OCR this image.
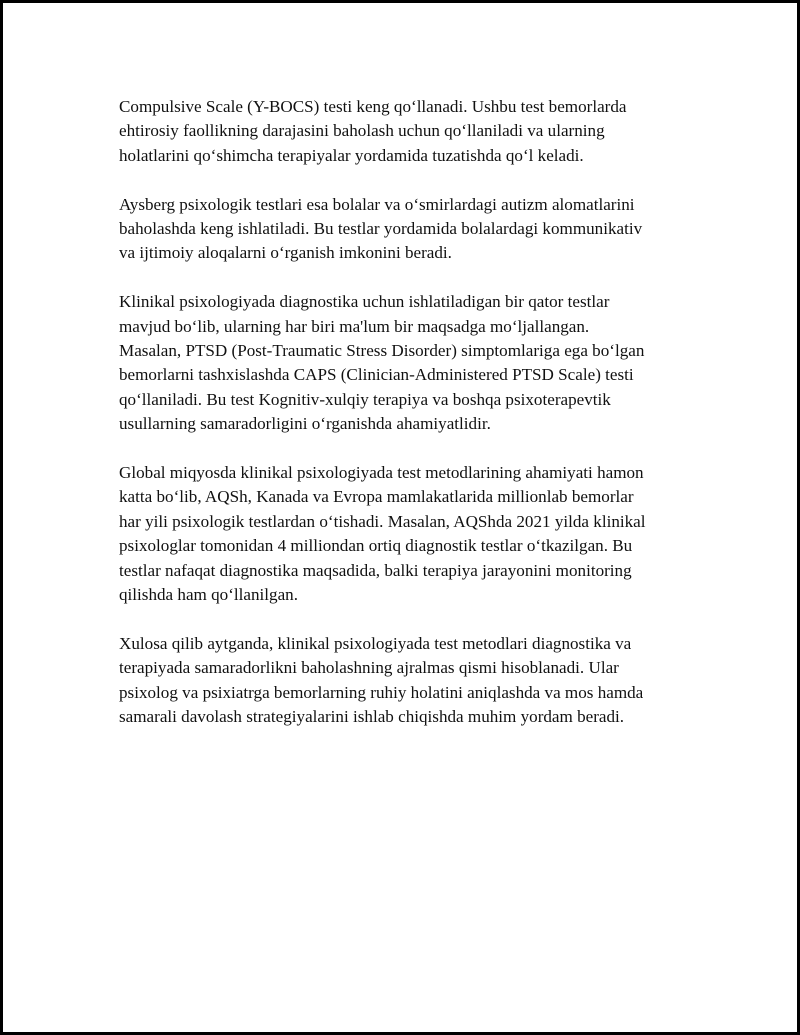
Compulsive Scale (Y-BOCS) testi keng qo‘llanadi. Ushbu test bemorlarda
ehtirosiy faollikning darajasini baholash uchun qo‘llaniladi va ularning
holatlarini qo‘shimcha terapiyalar yordamida tuzatishda qo‘l keladi.

Aysberg psixologik testlari esa bolalar va o‘smirlardagi autizm alomatlarini
baholashda keng ishlatiladi. Bu testlar yordamida bolalardagi kommunikativ
va ijtimoiy aloqalarni o‘rganish imkonini beradi.

Klinikal psixologiyada diagnostika uchun ishlatiladigan bir qator testlar
mavjud bo‘lib, ularning har biri ma'lum bir maqsadga mo‘ljallangan.
Masalan, PTSD (Post-Traumatic Stress Disorder) simptomlariga ega bo‘lgan
bemorlarni tashxislashda CAPS (Clinician-Administered PTSD Scale) testi
qo‘llaniladi. Bu test Kognitiv-xulqiy terapiya va boshqa psixoterapevtik
usullarning samaradorligini o‘rganishda ahamiyatlidir.

Global miqyosda klinikal psixologiyada test metodlarining ahamiyati hamon
katta bo‘lib, AQSh, Kanada va Evropa mamlakatlarida millionlab bemorlar
har yili psixologik testlardan o‘tishadi. Masalan, AQShda 2021 yilda klinikal
psixologlar tomonidan 4 milliondan ortiq diagnostik testlar o‘tkazilgan. Bu
testlar nafaqat diagnostika maqsadida, balki terapiya jarayonini monitoring
qilishda ham qo‘llanilgan.

Xulosa qilib aytganda, klinikal psixologiyada test metodlari diagnostika va
terapiyada samaradorlikni baholashning ajralmas qismi hisoblanadi. Ular
psixolog va psixiatrga bemorlarning ruhiy holatini aniqlashda va mos hamda
samarali davolash strategiyalarini ishlab chiqishda muhim yordam beradi.
